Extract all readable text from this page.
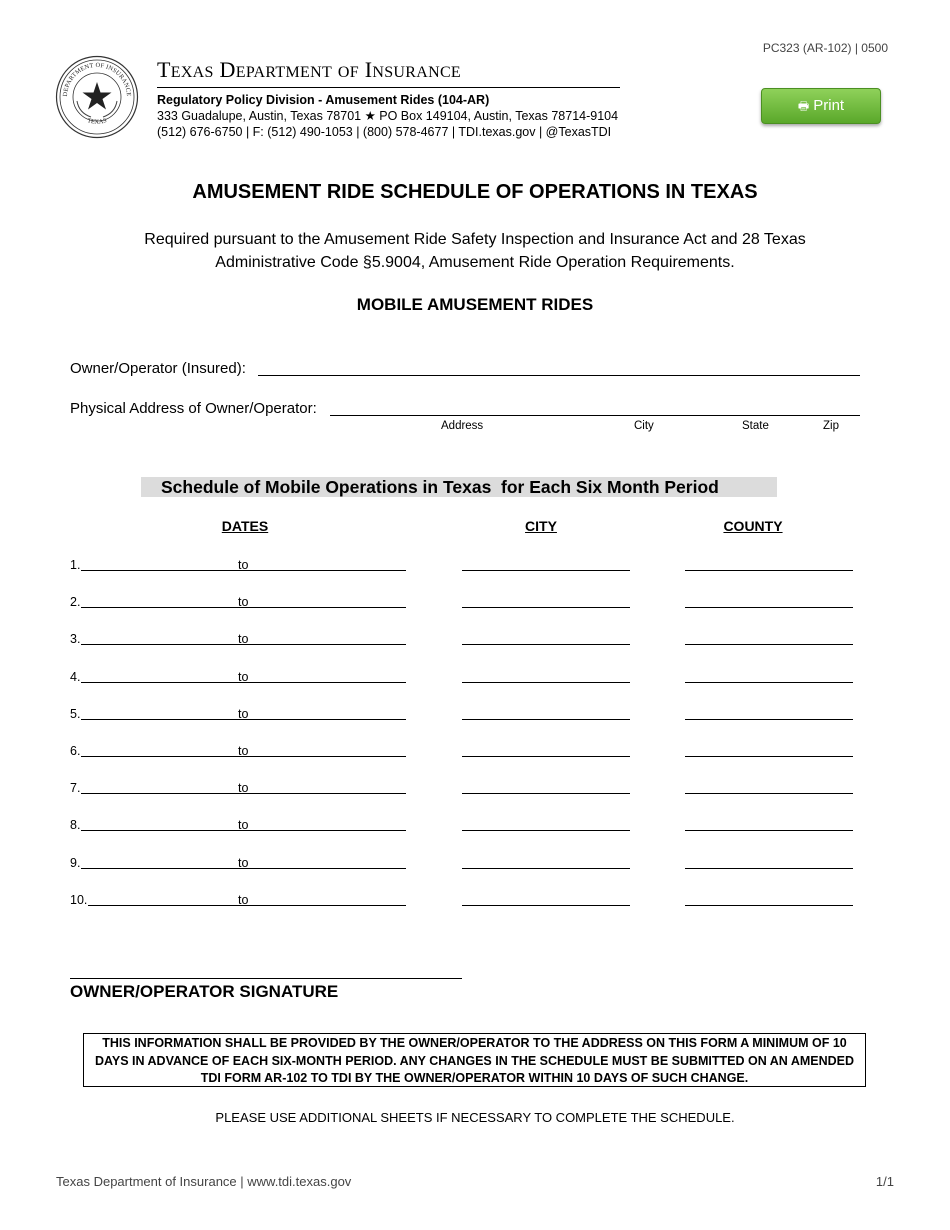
PC323 (AR-102) | 0500
DEPARTMENT OF INSURANCE
TEXAS
TEXAS DEPARTMENT OF INSURANCE
Regulatory Policy Division - Amusement Rides (104-AR)
333 Guadalupe, Austin, Texas 78701 ★ PO Box 149104, Austin, Texas 78714-9104
(512) 676-6750 | F: (512) 490-1053 | (800) 578-4677 | TDI.texas.gov | @TexasTDI
🖶 Print
AMUSEMENT RIDE SCHEDULE OF OPERATIONS IN TEXAS
Required pursuant to the Amusement Ride Safety Inspection and Insurance Act and 28 Texas Administrative Code §5.9004, Amusement Ride Operation Requirements.
MOBILE AMUSEMENT RIDES
Owner/Operator (Insured):
Physical Address of Owner/Operator:
Address	City	State	Zip
Schedule of Mobile Operations in Texas  for Each Six Month Period
DATES	CITY	COUNTY
1.	to
2.	to
3.	to
4.	to
5.	to
6.	to
7.	to
8.	to
9.	to
10.	to
OWNER/OPERATOR SIGNATURE
THIS INFORMATION SHALL BE PROVIDED BY THE OWNER/OPERATOR TO THE ADDRESS ON THIS FORM A MINIMUM OF 10 DAYS IN ADVANCE OF EACH SIX-MONTH PERIOD. ANY CHANGES IN THE SCHEDULE MUST BE SUBMITTED ON AN AMENDED TDI FORM AR-102 TO TDI BY THE OWNER/OPERATOR WITHIN 10 DAYS OF SUCH CHANGE.
PLEASE USE ADDITIONAL SHEETS IF NECESSARY TO COMPLETE THE SCHEDULE.
Texas Department of Insurance | www.tdi.texas.gov	1/1
